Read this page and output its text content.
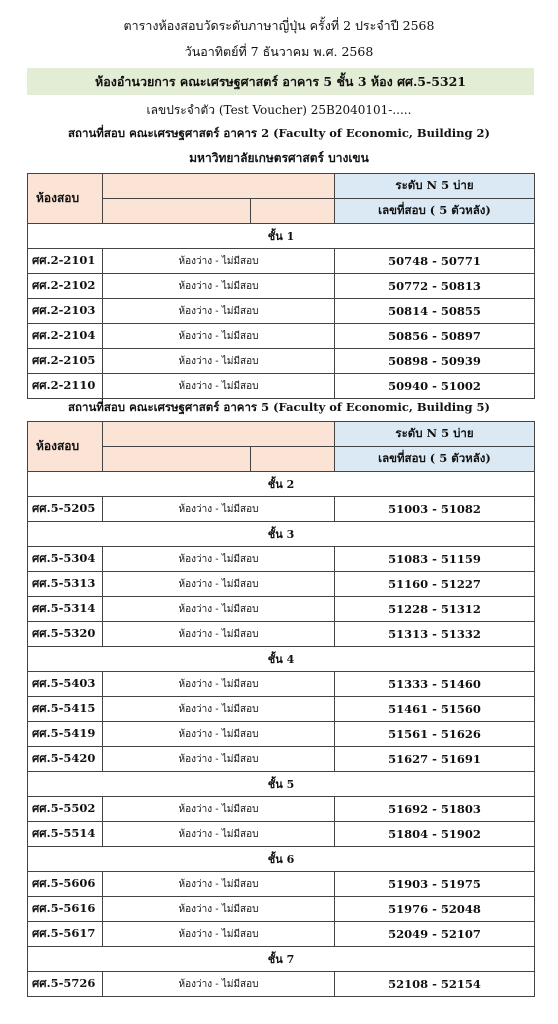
ตารางห้องสอบวัดระดับภาษาญี่ปุ่น ครั้งที่ 2 ประจำปี 2568
วันอาทิตย์ที่ 7 ธันวาคม พ.ศ. 2568
ห้องอำนวยการ คณะเศรษฐศาสตร์ อาคาร 5 ชั้น 3 ห้อง ศศ.5-5321
เลขประจำตัว (Test Voucher) 25B2040101-.....
สถานที่สอบ คณะเศรษฐศาสตร์ อาคาร 2 (Faculty of Economic, Building 2)
มหาวิทยาลัยเกษตรศาสตร์ บางเขน
ห้องสอบ			ระดับ N 5 บ่าย
			เลขที่สอบ ( 5 ตัวหลัง)
ชั้น 1			
ศศ.2-2101	ห้องว่าง - ไม่มีสอบ		50748 - 50771
ศศ.2-2102	ห้องว่าง - ไม่มีสอบ		50772 - 50813
ศศ.2-2103	ห้องว่าง - ไม่มีสอบ		50814 - 50855
ศศ.2-2104	ห้องว่าง - ไม่มีสอบ		50856 - 50897
ศศ.2-2105	ห้องว่าง - ไม่มีสอบ		50898 - 50939
ศศ.2-2110	ห้องว่าง - ไม่มีสอบ		50940 - 51002
สถานที่สอบ คณะเศรษฐศาสตร์ อาคาร 5 (Faculty of Economic, Building 5)
ห้องสอบ			ระดับ N 5 บ่าย
			เลขที่สอบ ( 5 ตัวหลัง)
ชั้น 2			
ศศ.5-5205	ห้องว่าง - ไม่มีสอบ		51003 - 51082
ชั้น 3			
ศศ.5-5304	ห้องว่าง - ไม่มีสอบ		51083 - 51159
ศศ.5-5313	ห้องว่าง - ไม่มีสอบ		51160 - 51227
ศศ.5-5314	ห้องว่าง - ไม่มีสอบ		51228 - 51312
ศศ.5-5320	ห้องว่าง - ไม่มีสอบ		51313 - 51332
ชั้น 4			
ศศ.5-5403	ห้องว่าง - ไม่มีสอบ		51333 - 51460
ศศ.5-5415	ห้องว่าง - ไม่มีสอบ		51461 - 51560
ศศ.5-5419	ห้องว่าง - ไม่มีสอบ		51561 - 51626
ศศ.5-5420	ห้องว่าง - ไม่มีสอบ		51627 - 51691
ชั้น 5			
ศศ.5-5502	ห้องว่าง - ไม่มีสอบ		51692 - 51803
ศศ.5-5514	ห้องว่าง - ไม่มีสอบ		51804 - 51902
ชั้น 6			
ศศ.5-5606	ห้องว่าง - ไม่มีสอบ		51903 - 51975
ศศ.5-5616	ห้องว่าง - ไม่มีสอบ		51976 - 52048
ศศ.5-5617	ห้องว่าง - ไม่มีสอบ		52049 - 52107
ชั้น 7			
ศศ.5-5726	ห้องว่าง - ไม่มีสอบ		52108 - 52154
